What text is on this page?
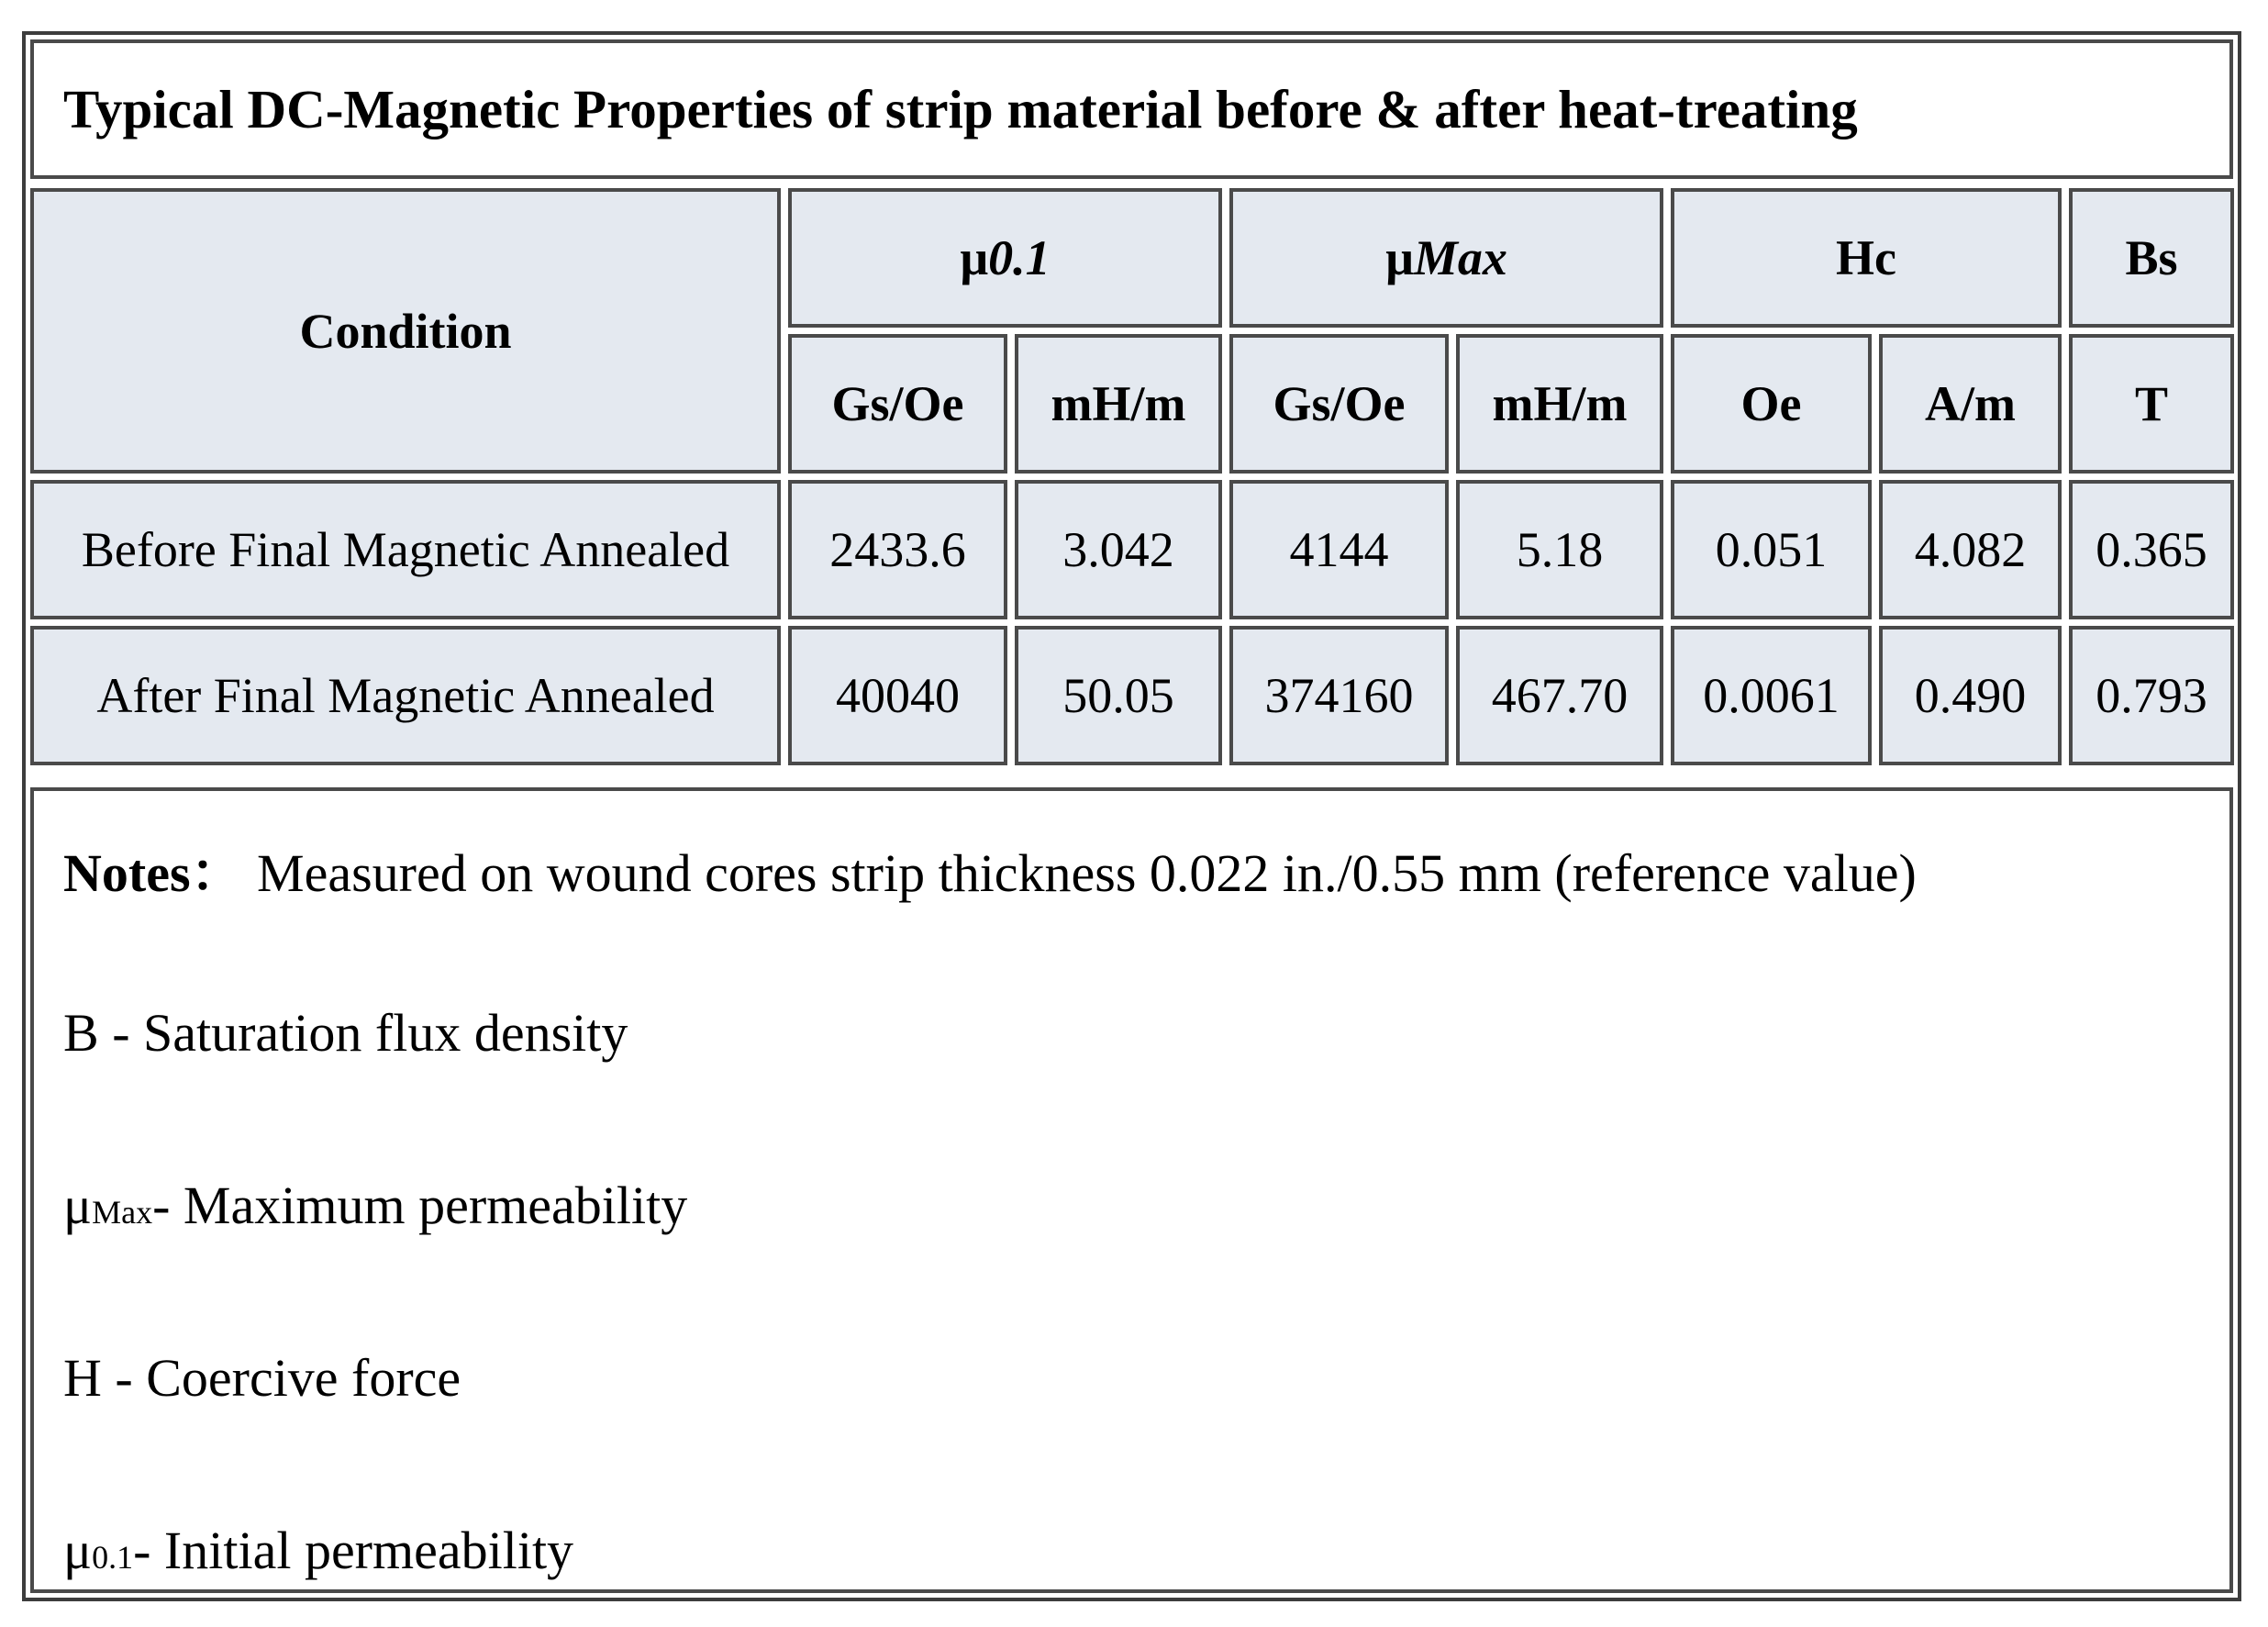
Typical DC-Magnetic Properties of strip material before & after heat-treating
Condition	μ0.1		μMax		Hc		Bs
	Gs/Oe	mH/m	Gs/Oe	mH/m	Oe	A/m	T
Before Final Magnetic Annealed	2433.6	3.042	4144	5.18	0.051	4.082	0.365
After Final Magnetic Annealed	40040	50.05	374160	467.70	0.0061	0.490	0.793
Notes： Measured on wound cores strip thickness 0.022 in./0.55 mm (reference value)
B - Saturation flux density
μMax- Maximum permeability
H - Coercive force
μ0.1- Initial permeability
